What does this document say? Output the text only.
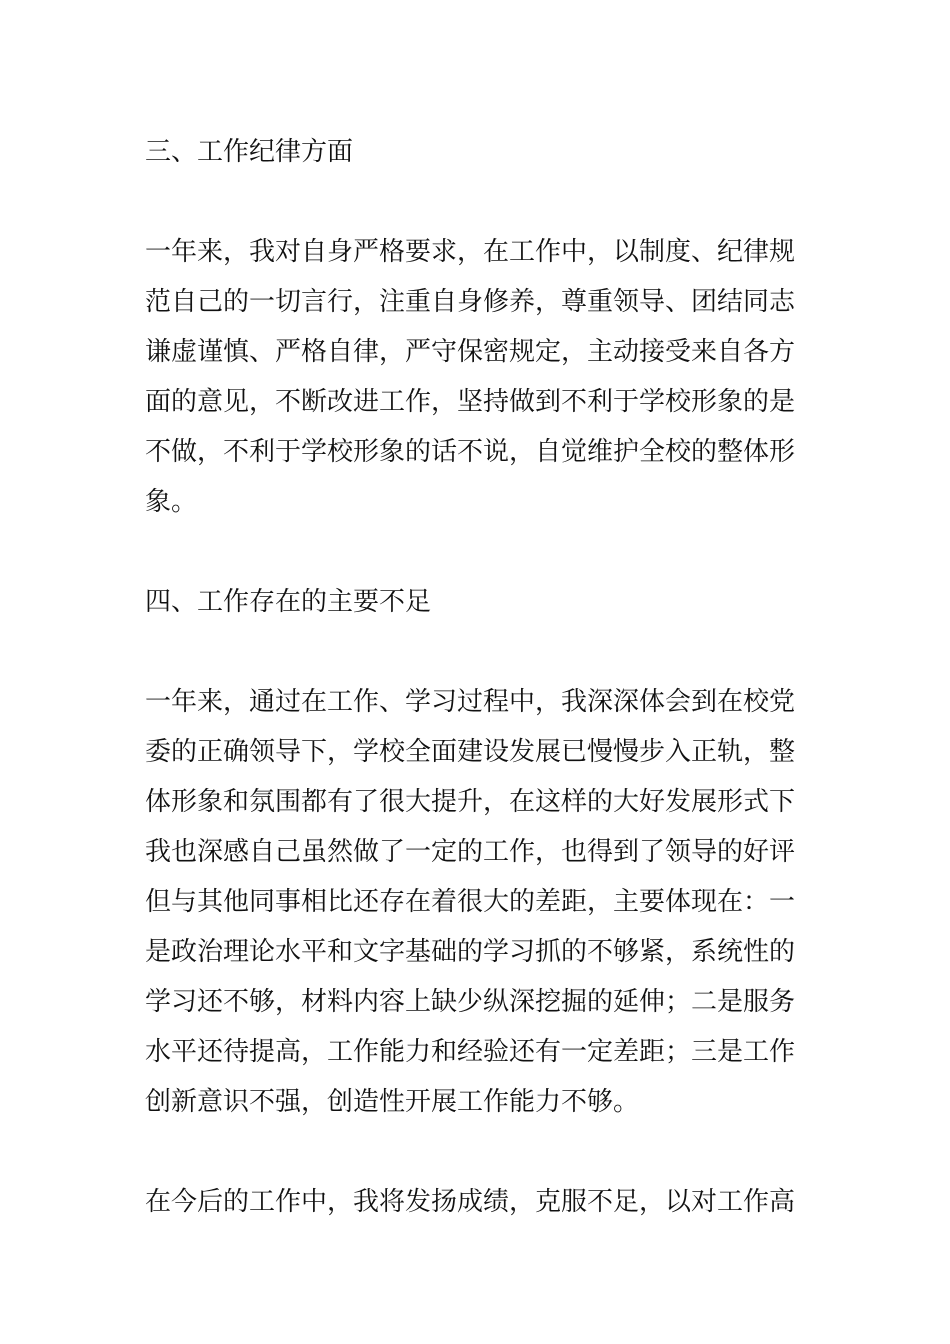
三、工作纪律方面
一年来，我对自身严格要求，在工作中，以制度、纪律规
范自己的一切言行，注重自身修养，尊重领导、团结同志
谦虚谨慎、严格自律，严守保密规定，主动接受来自各方
面的意见，不断改进工作，坚持做到不利于学校形象的是
不做，不利于学校形象的话不说，自觉维护全校的整体形
象。
四、工作存在的主要不足
一年来，通过在工作、学习过程中，我深深体会到在校党
委的正确领导下，学校全面建设发展已慢慢步入正轨，整
体形象和氛围都有了很大提升，在这样的大好发展形式下
我也深感自己虽然做了一定的工作，也得到了领导的好评
但与其他同事相比还存在着很大的差距，主要体现在：一
是政治理论水平和文字基础的学习抓的不够紧，系统性的
学习还不够，材料内容上缺少纵深挖掘的延伸；二是服务
水平还待提高，工作能力和经验还有一定差距；三是工作
创新意识不强，创造性开展工作能力不够。
在今后的工作中，我将发扬成绩，克服不足，以对工作高
